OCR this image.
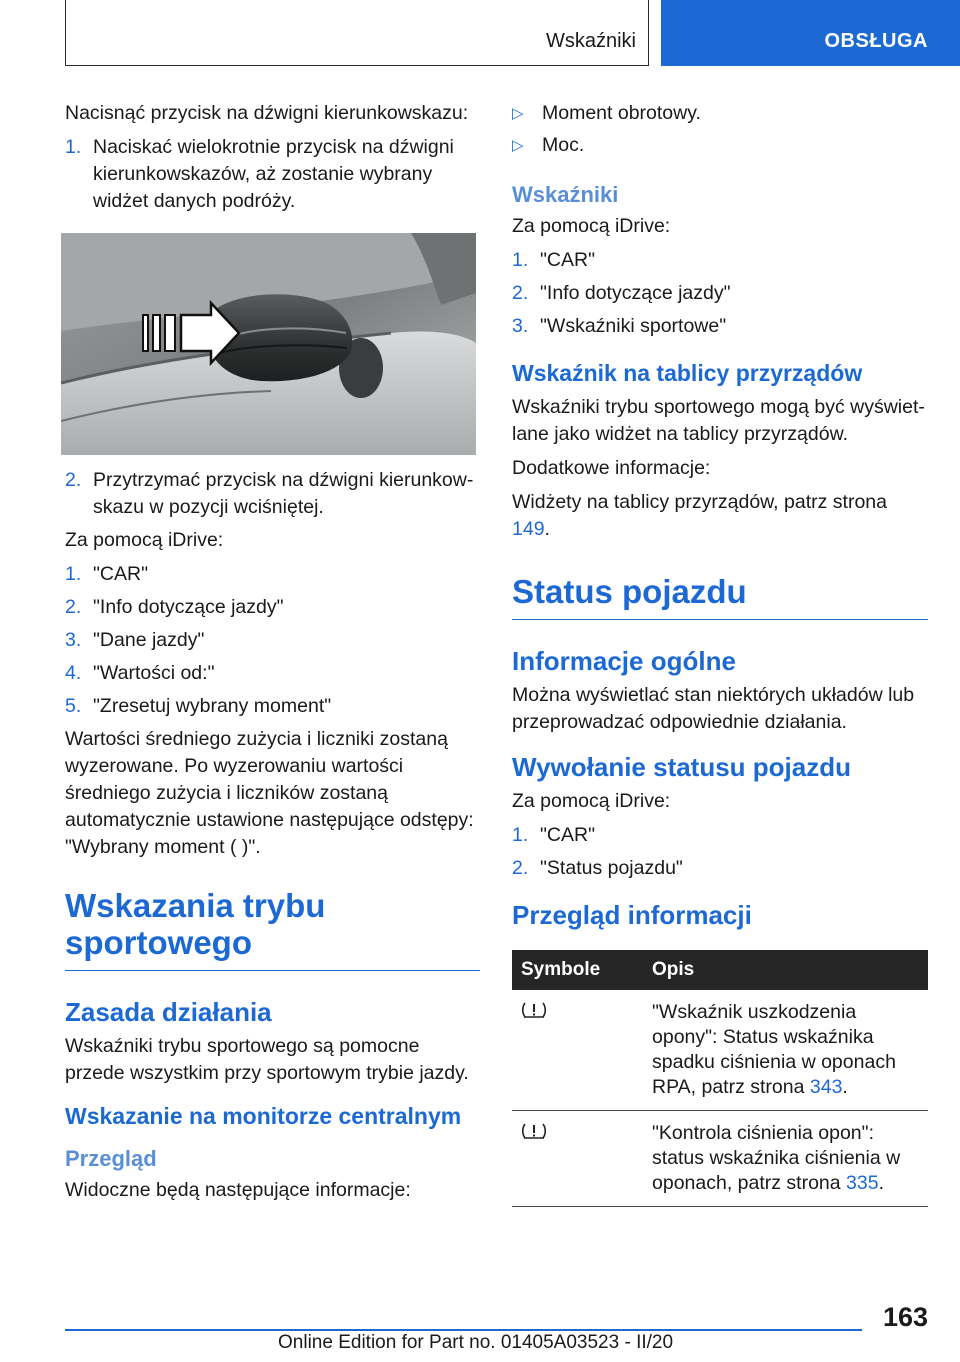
Wskaźniki	OBSŁUGA

Nacisnąć przycisk na dźwigni kierunkowskazu:

1. Naciskać wielokrotnie przycisk na dźwigni kierunkowskazów, aż zostanie wybrany widżet danych podróży.
2. Przytrzymać przycisk na dźwigni kierunkowskazu w pozycji wciśniętej.

Za pomocą iDrive:

1. "CAR"
2. "Info dotyczące jazdy"
3. "Dane jazdy"
4. "Wartości od:"
5. "Zresetuj wybrany moment"

Wartości średniego zużycia i liczniki zostaną wyzerowane. Po wyzerowaniu wartości średniego zużycia i liczników zostaną automatycznie ustawione następujące odstępy: "Wybrany moment ( )".

Wskazania trybu sportowego
Zasada działania

Wskaźniki trybu sportowego są pomocne przede wszystkim przy sportowym trybie jazdy.

Wskazanie na monitorze centralnym
Przegląd

Widoczne będą następujące informacje:

▷ Moment obrotowy.
▷ Moc.
Wskaźniki

Za pomocą iDrive:

1. "CAR"
2. "Info dotyczące jazdy"
3. "Wskaźniki sportowe"
Wskaźnik na tablicy przyrządów

Wskaźniki trybu sportowego mogą być wyświetlane jako widżet na tablicy przyrządów.

Dodatkowe informacje:

Widżety na tablicy przyrządów, patrz strona 149.

Status pojazdu
Informacje ogólne

Można wyświetlać stan niektórych układów lub przeprowadzać odpowiednie działania.

Wywołanie statusu pojazdu

Za pomocą iDrive:

1. "CAR"
2. "Status pojazdu"
Przegląd informacji
Symbole	Opis
	"Wskaźnik uszkodzenia opony": Status wskaźnika spadku ciśnienia w oponach RPA, patrz strona 343.
	"Kontrola ciśnienia opon": status wskaźnika ciśnienia w oponach, patrz strona 335.
163
Online Edition for Part no. 01405A03523 - II/20
